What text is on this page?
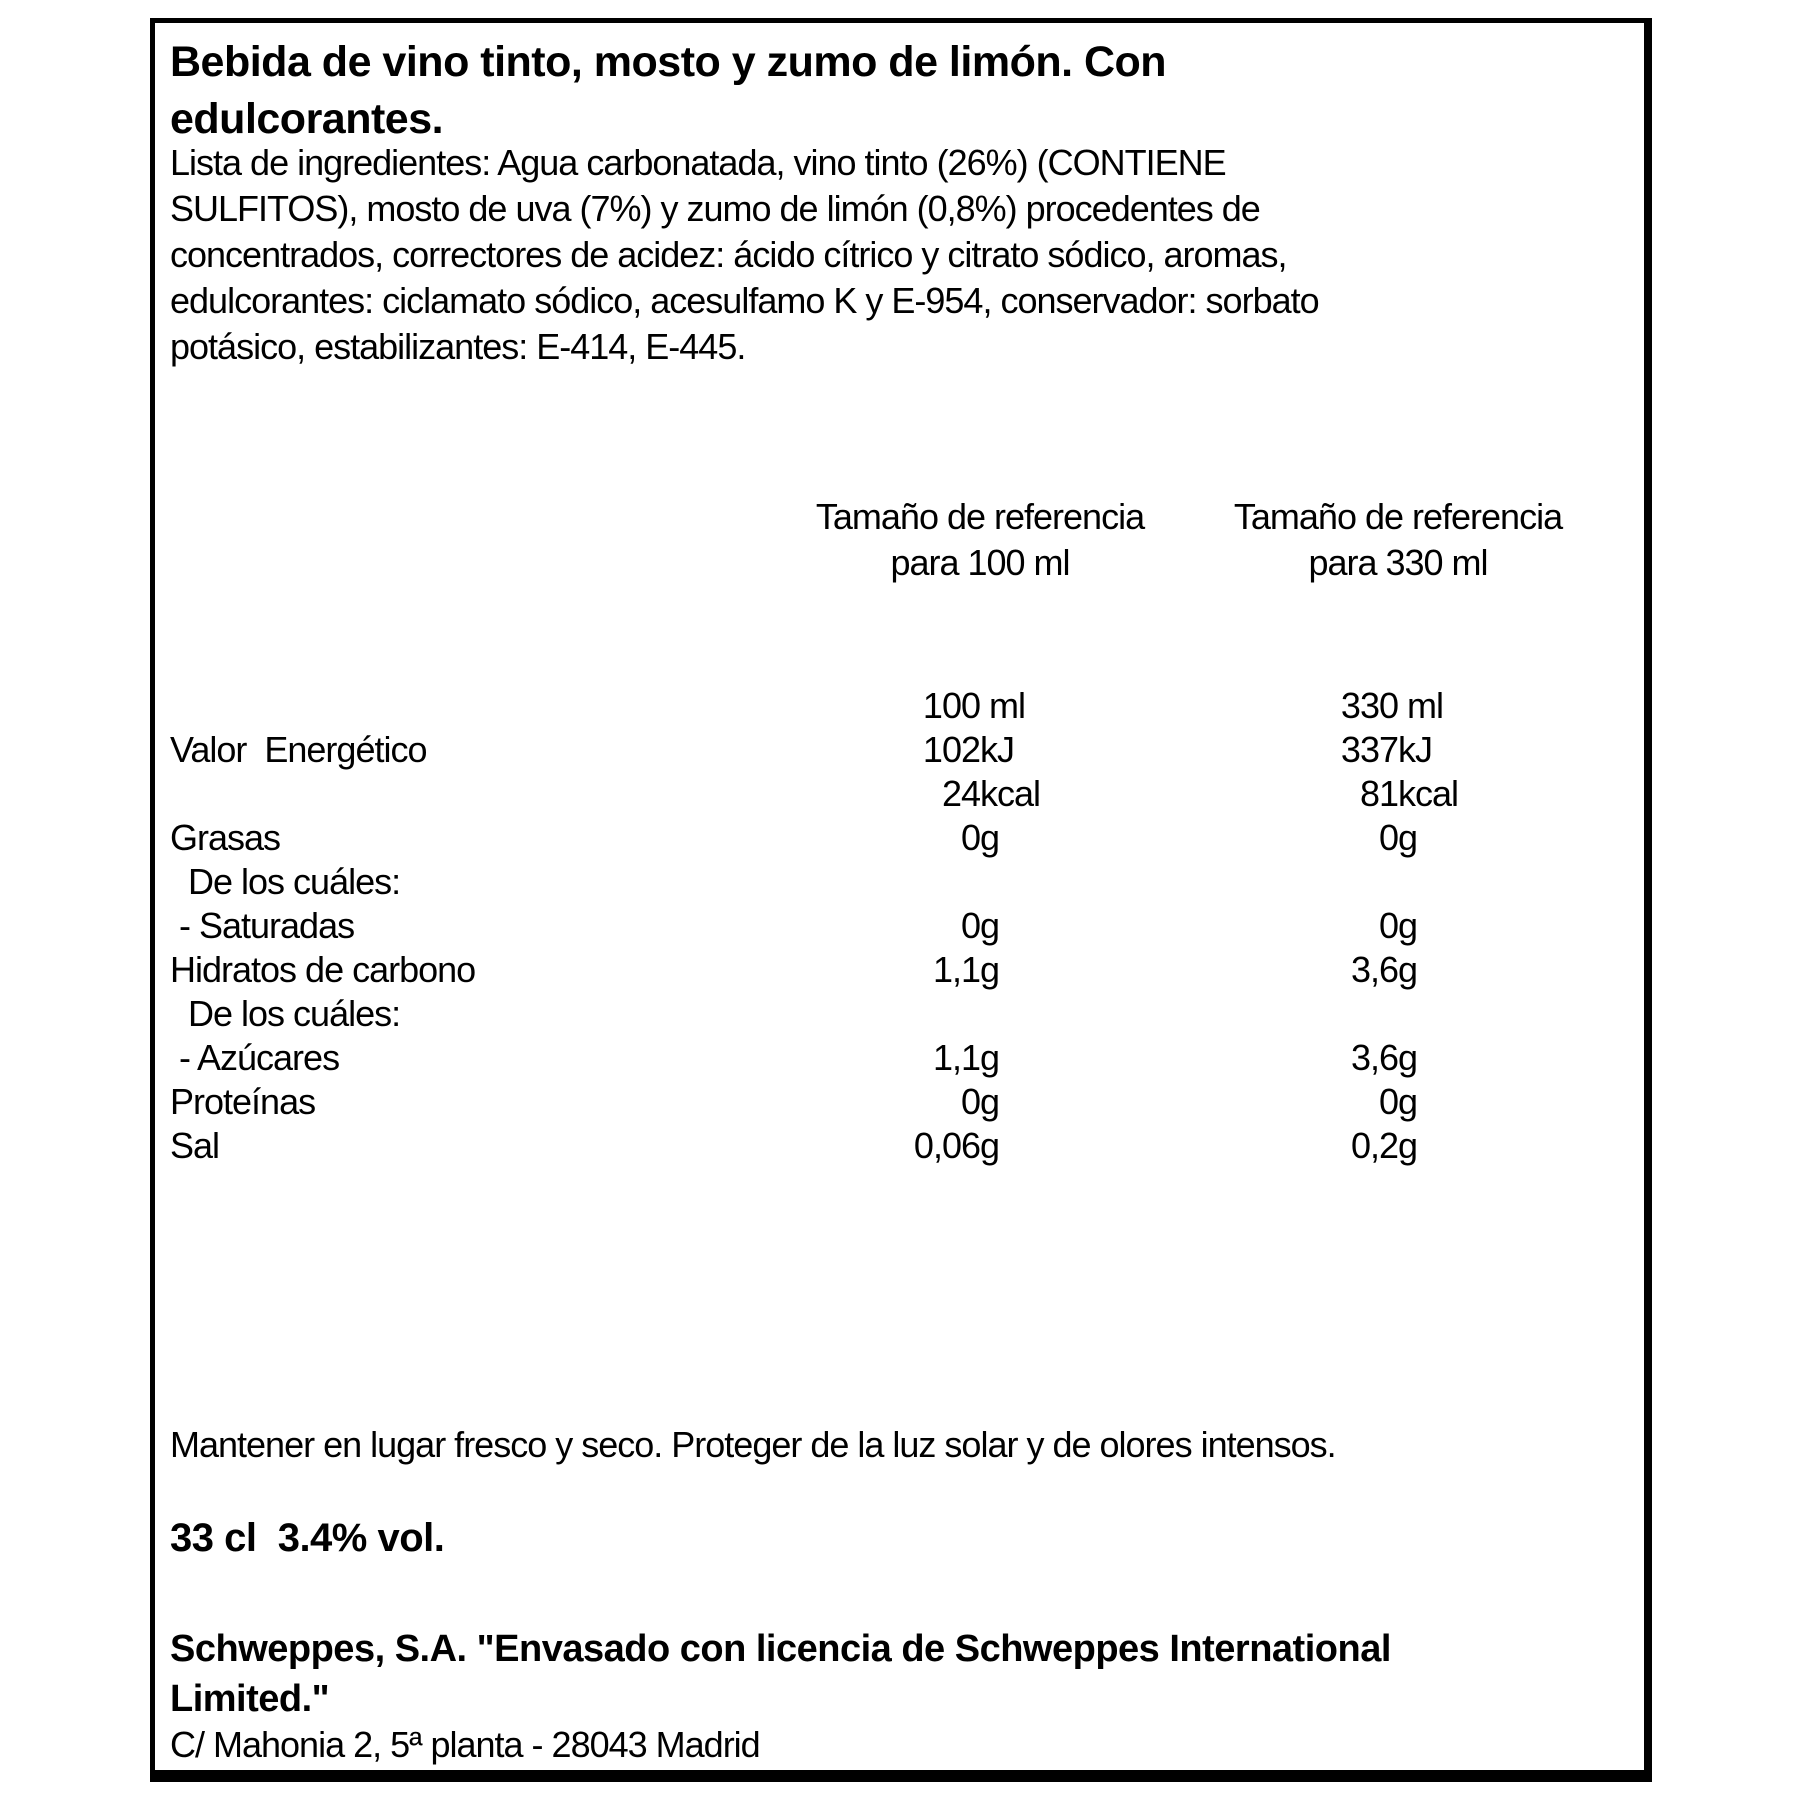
Bebida de vino tinto, mosto y zumo de limón. Con
edulcorantes.
Lista de ingredientes: Agua carbonatada, vino tinto (26%) (CONTIENE
SULFITOS), mosto de uva (7%) y zumo de limón (0,8%) procedentes de
concentrados, correctores de acidez: ácido cítrico y citrato sódico, aromas,
edulcorantes: ciclamato sódico, acesulfamo K y E-954, conservador: sorbato
potásico, estabilizantes: E-414, E-445.
Tamaño de referencia
para 100 ml
Tamaño de referencia
para 330 ml
100 ml	330 ml
Valor  Energético	102 kJ	337 kJ
24 kcal	81 kcal
Grasas	0 g	0 g
De los cuáles:
- Saturadas	0 g	0 g
Hidratos de carbono	1,1 g	3,6 g
De los cuáles:
- Azúcares	1,1 g	3,6 g
Proteínas	0 g	0 g
Sal	0,06 g	0,2 g
Mantener en lugar fresco y seco. Proteger de la luz solar y de olores intensos.
33 cl  3.4% vol.
Schweppes, S.A. "Envasado con licencia de Schweppes International
Limited."
C/ Mahonia 2, 5ª planta - 28043 Madrid
